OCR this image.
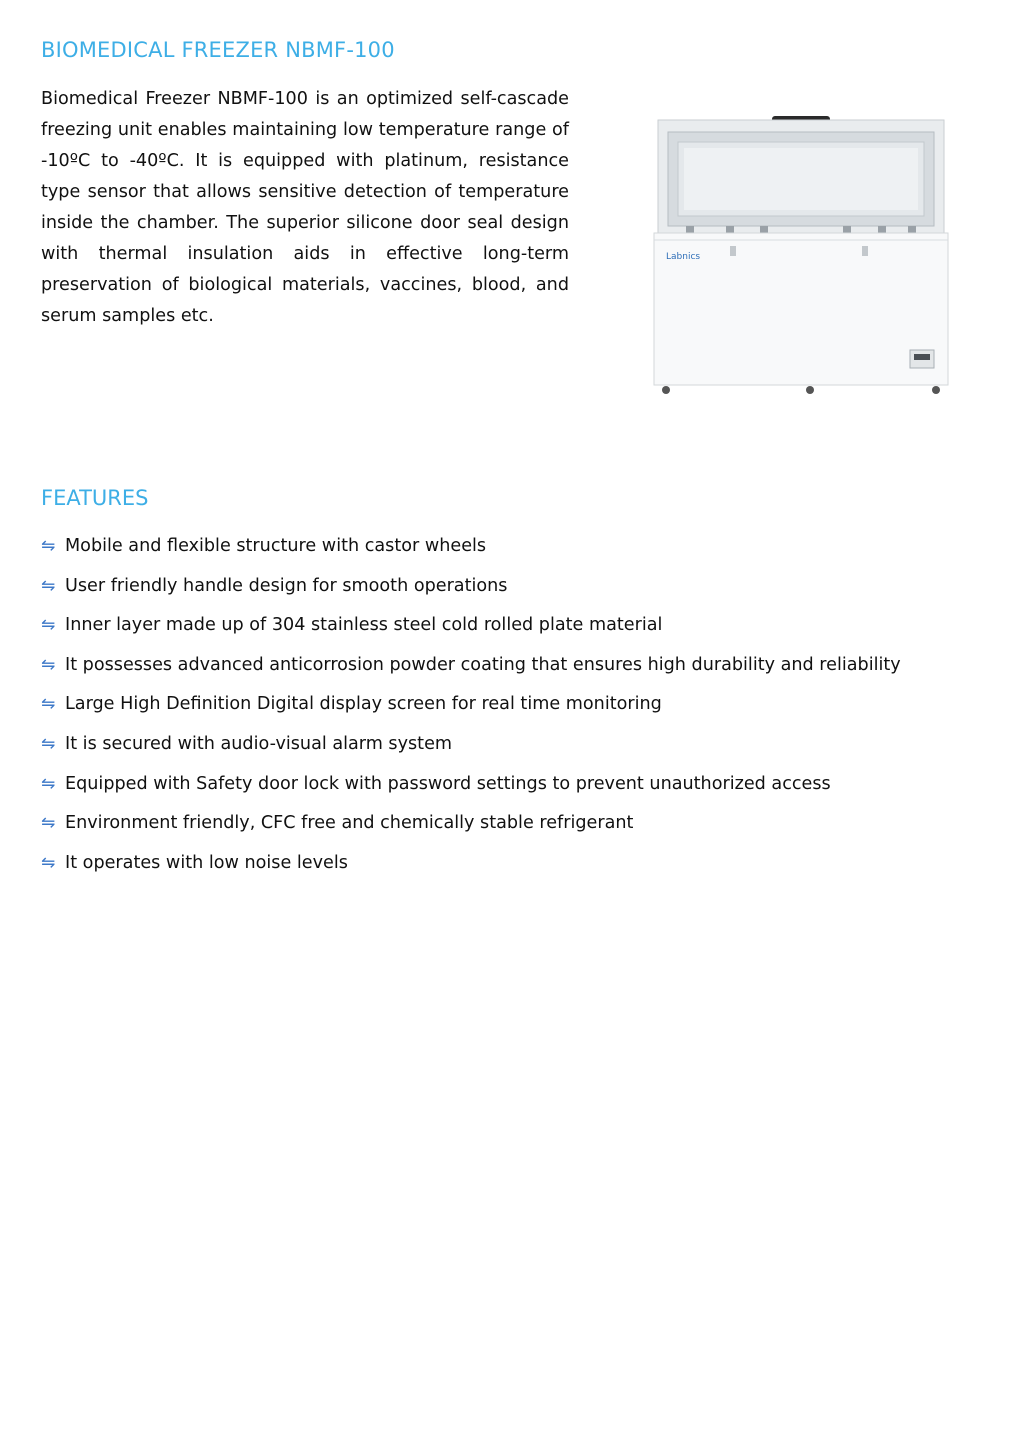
BIOMEDICAL FREEZER NBMF-100

Biomedical Freezer NBMF-100 is an optimized self-cascade freezing unit enables maintaining low temperature range of -10ºC to -40ºC. It is equipped with platinum, resistance type sensor that allows sensitive detection of temperature inside the chamber. The superior silicone door seal design with thermal insulation aids in effective long-term preservation of biological materials, vaccines, blood, and serum samples etc.

Labnics
FEATURES
⇋ Mobile and flexible structure with castor wheels
⇋ User friendly handle design for smooth operations
⇋ Inner layer made up of 304 stainless steel cold rolled plate material
⇋ It possesses advanced anticorrosion powder coating that ensures high durability and reliability
⇋ Large High Definition Digital display screen for real time monitoring
⇋ It is secured with audio-visual alarm system
⇋ Equipped with Safety door lock with password settings to prevent unauthorized access
⇋ Environment friendly, CFC free and chemically stable refrigerant
⇋ It operates with low noise levels
